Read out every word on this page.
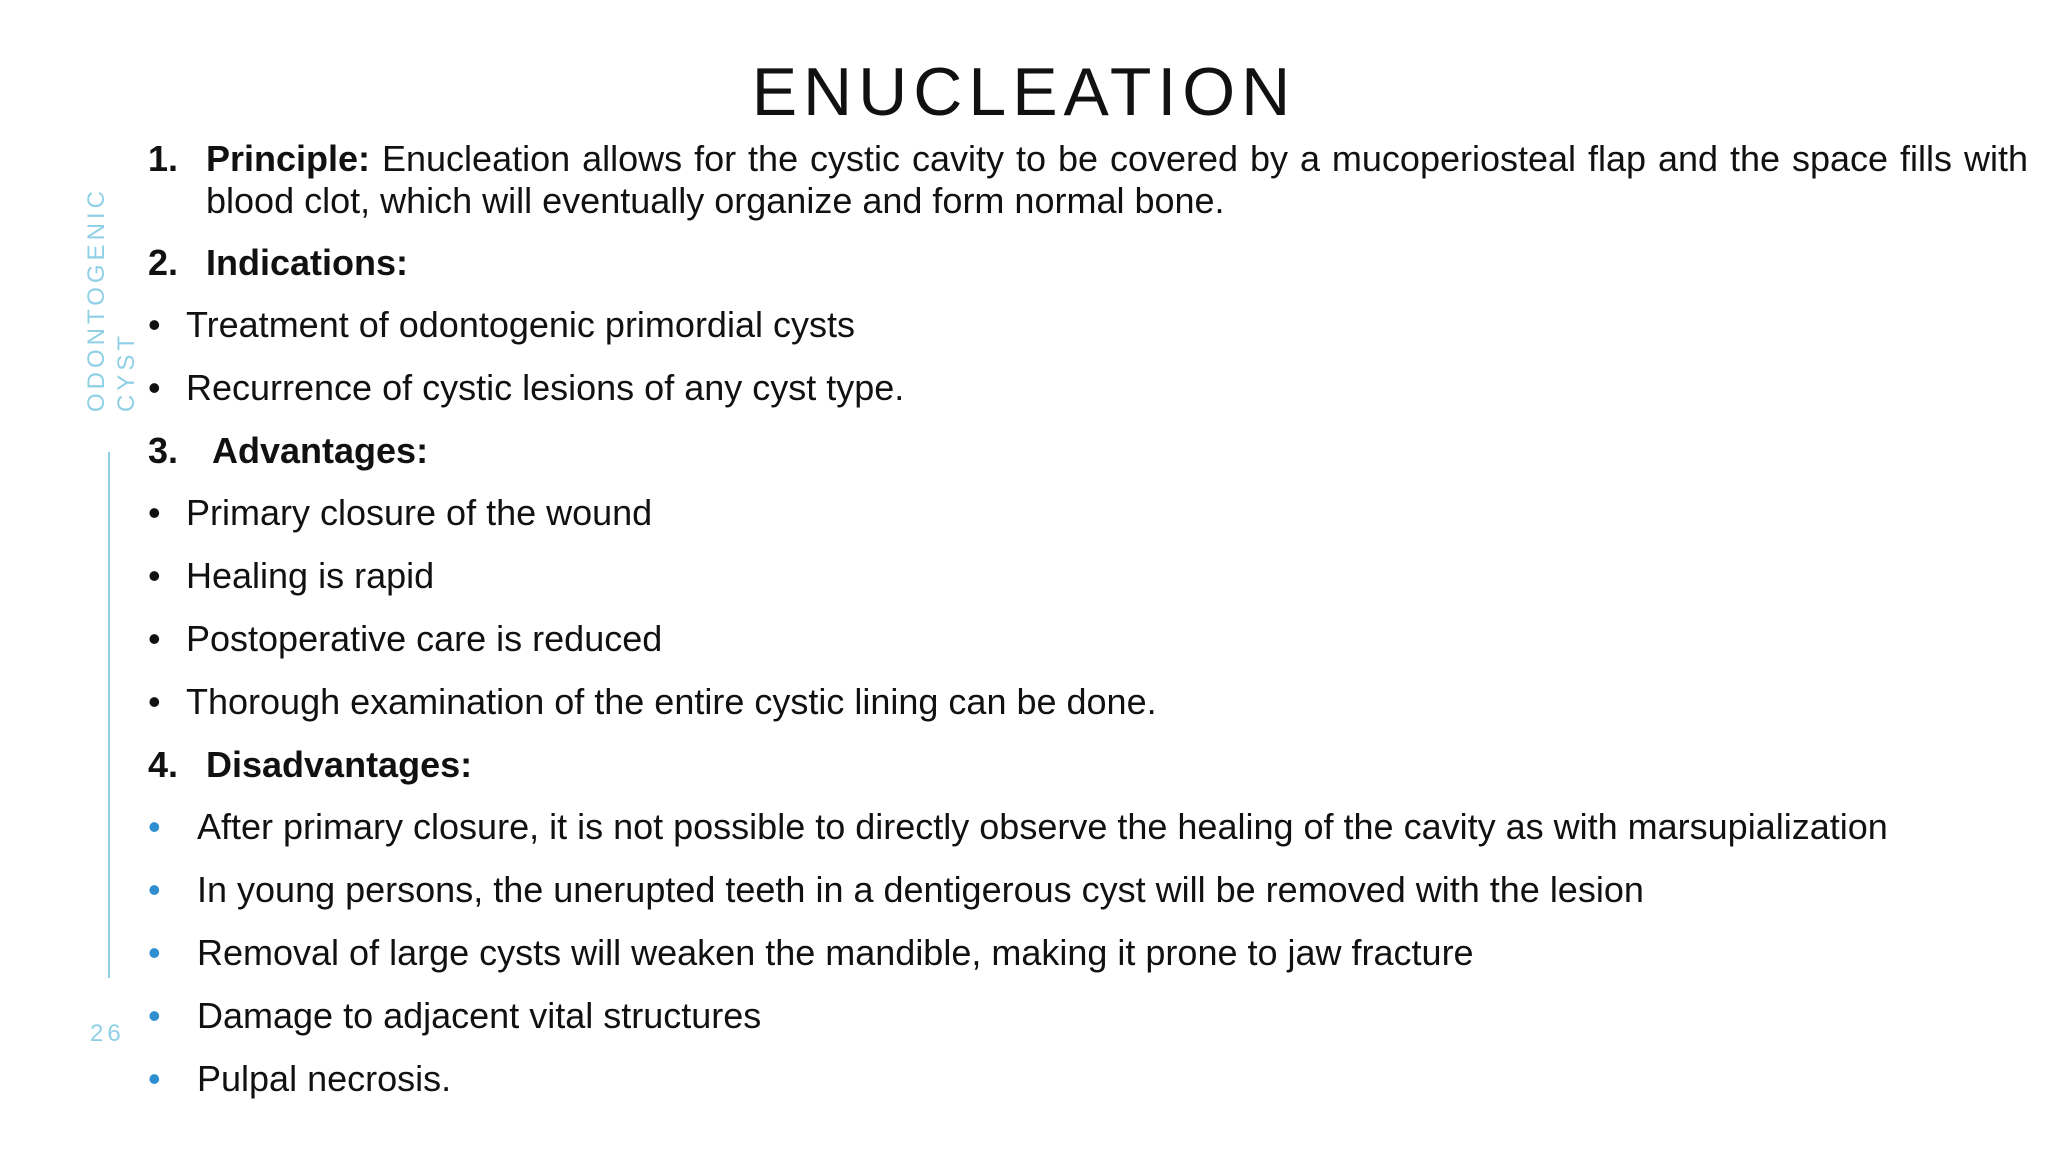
ENUCLEATION
ODONTOGENIC CYST
26
1. Principle: Enucleation allows for the cystic cavity to be covered by a mucoperiosteal flap and the space fills with blood clot, which will eventually organize and form normal bone.
2. Indications:
• Treatment of odontogenic primordial cysts
• Recurrence of cystic lesions of any cyst type.
3. Advantages:
• Primary closure of the wound
• Healing is rapid
• Postoperative care is reduced
• Thorough examination of the entire cystic lining can be done.
4. Disadvantages:
• After primary closure, it is not possible to directly observe the healing of the cavity as with marsupialization
• In young persons, the unerupted teeth in a dentigerous cyst will be removed with the lesion
• Removal of large cysts will weaken the mandible, making it prone to jaw fracture
• Damage to adjacent vital structures
• Pulpal necrosis.
